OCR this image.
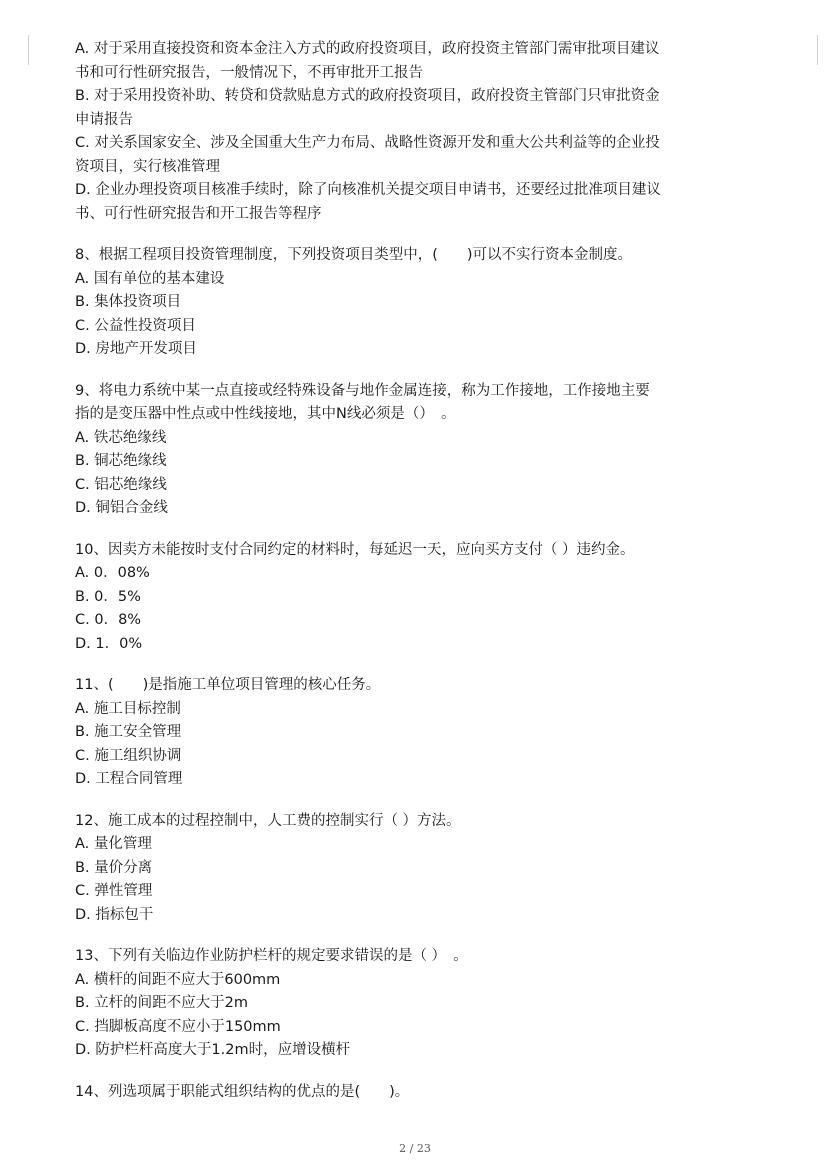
A. 对于采用直接投资和资本金注入方式的政府投资项目，政府投资主管部门需审批项目建议
书和可行性研究报告，一般情况下，不再审批开工报告
B. 对于采用投资补助、转贷和贷款贴息方式的政府投资项目，政府投资主管部门只审批资金
申请报告
C. 对关系国家安全、涉及全国重大生产力布局、战略性资源开发和重大公共利益等的企业投
资项目，实行核准管理
D. 企业办理投资项目核准手续时，除了向核准机关提交项目申请书，还要经过批准项目建议
书、可行性研究报告和开工报告等程序
8、根据工程项目投资管理制度，下列投资项目类型中，(　　)可以不实行资本金制度。
A. 国有单位的基本建设
B. 集体投资项目
C. 公益性投资项目
D. 房地产开发项目
9、将电力系统中某一点直接或经特殊设备与地作金属连接，称为工作接地，工作接地主要
指的是变压器中性点或中性线接地，其中N线必须是（）　。
A. 铁芯绝缘线
B. 铜芯绝缘线
C. 铝芯绝缘线
D. 铜铝合金线
10、因卖方未能按时支付合同约定的材料时，每延迟一天，应向买方支付（ ）违约金。
A. 0．08%
B. 0．5%
C. 0．8%
D. 1．0%
11、(　　)是指施工单位项目管理的核心任务。
A. 施工目标控制
B. 施工安全管理
C. 施工组织协调
D. 工程合同管理
12、施工成本的过程控制中，人工费的控制实行（ ）方法。
A. 量化管理
B. 量价分离
C. 弹性管理
D. 指标包干
13、下列有关临边作业防护栏杆的规定要求错误的是（ ）　。
A. 横杆的间距不应大于600mm
B. 立杆的间距不应大于2m
C. 挡脚板高度不应小于150mm
D. 防护栏杆高度大于1.2m时，应增设横杆
14、列选项属于职能式组织结构的优点的是(　　)。
2 / 23
